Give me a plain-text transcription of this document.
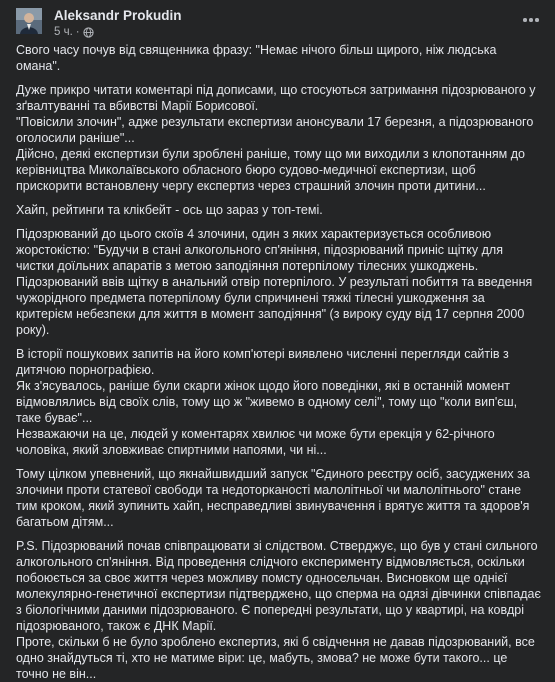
Aleksandr Prokudin
5 ч. ·

Свого часу почув від священника фразу: "Немає нічого більш щирого, ніж людська омана".

Дуже прикро читати коментарі під дописами, що стосуються затримання підозрюваного у зґвалтуванні та вбивстві Марії Борисової.
"Повісили злочин", адже результати експертизи анонсували 17 березня, а підозрюваного оголосили раніше"...
Дійсно, деякі експертизи були зроблені раніше, тому що ми виходили з клопотанням до керівництва Миколаївського обласного бюро судово-медичної експертизи, щоб прискорити встановлену чергу експертиз через страшний злочин проти дитини...

Хайп, рейтинги та клікбейт - ось що зараз у топ-темі.

Підозрюваний до цього скоїв 4 злочини, один з яких характеризується особливою жорстокістю: "Будучи в стані алкогольного сп'яніння, підозрюваний приніс щітку для чистки доїльних апаратів з метою заподіяння потерпілому тілесних ушкоджень. Підозрюваний ввів щітку в анальний отвір потерпілого. У результаті побиття та введення чужорідного предмета потерпілому були спричинені тяжкі тілесні ушкодження за критерієм небезпеки для життя в момент заподіяння" (з вироку суду від 17 серпня 2000 року).

В історії пошукових запитів на його комп'ютері виявлено численні перегляди сайтів з дитячою порнографією.
Як з'ясувалось, раніше були скарги жінок щодо його поведінки, які в останній момент відмовлялись від своїх слів, тому що ж "живемо в одному селі", тому що "коли вип'єш, таке буває"...
Незважаючи на це, людей у коментарях хвилює чи може бути ерекція у 62-річного чоловіка, який зловживає спиртними напоями, чи ні...

Тому цілком упевнений, що якнайшвидший запуск "Єдиного реєстру осіб, засуджених за злочини проти статевої свободи та недоторканості малолітньої чи малолітнього" стане тим кроком, який зупинить хайп, несправедливі звинувачення і врятує життя та здоров'я багатьом дітям...

P.S. Підозрюваний почав співпрацювати зі слідством. Стверджує, що був у стані сильного алкогольного сп'яніння. Від проведення слідчого експерименту відмовляється, оскільки побоюється за своє життя через можливу помсту односельчан. Висновком ще однієї молекулярно-генетичної експертизи підтверджено, що сперма на одязі дівчинки співпадає з біологічними даними підозрюваного. Є попередні результати, що у квартирі, на ковдрі підозрюваного, також є ДНК Марії.
Проте, скільки б не було зроблено експертиз, які б свідчення не давав підозрюваний, все одно знайдуться ті, хто не матиме віри: це, мабуть, змова? не може бути такого... це точно не він...
